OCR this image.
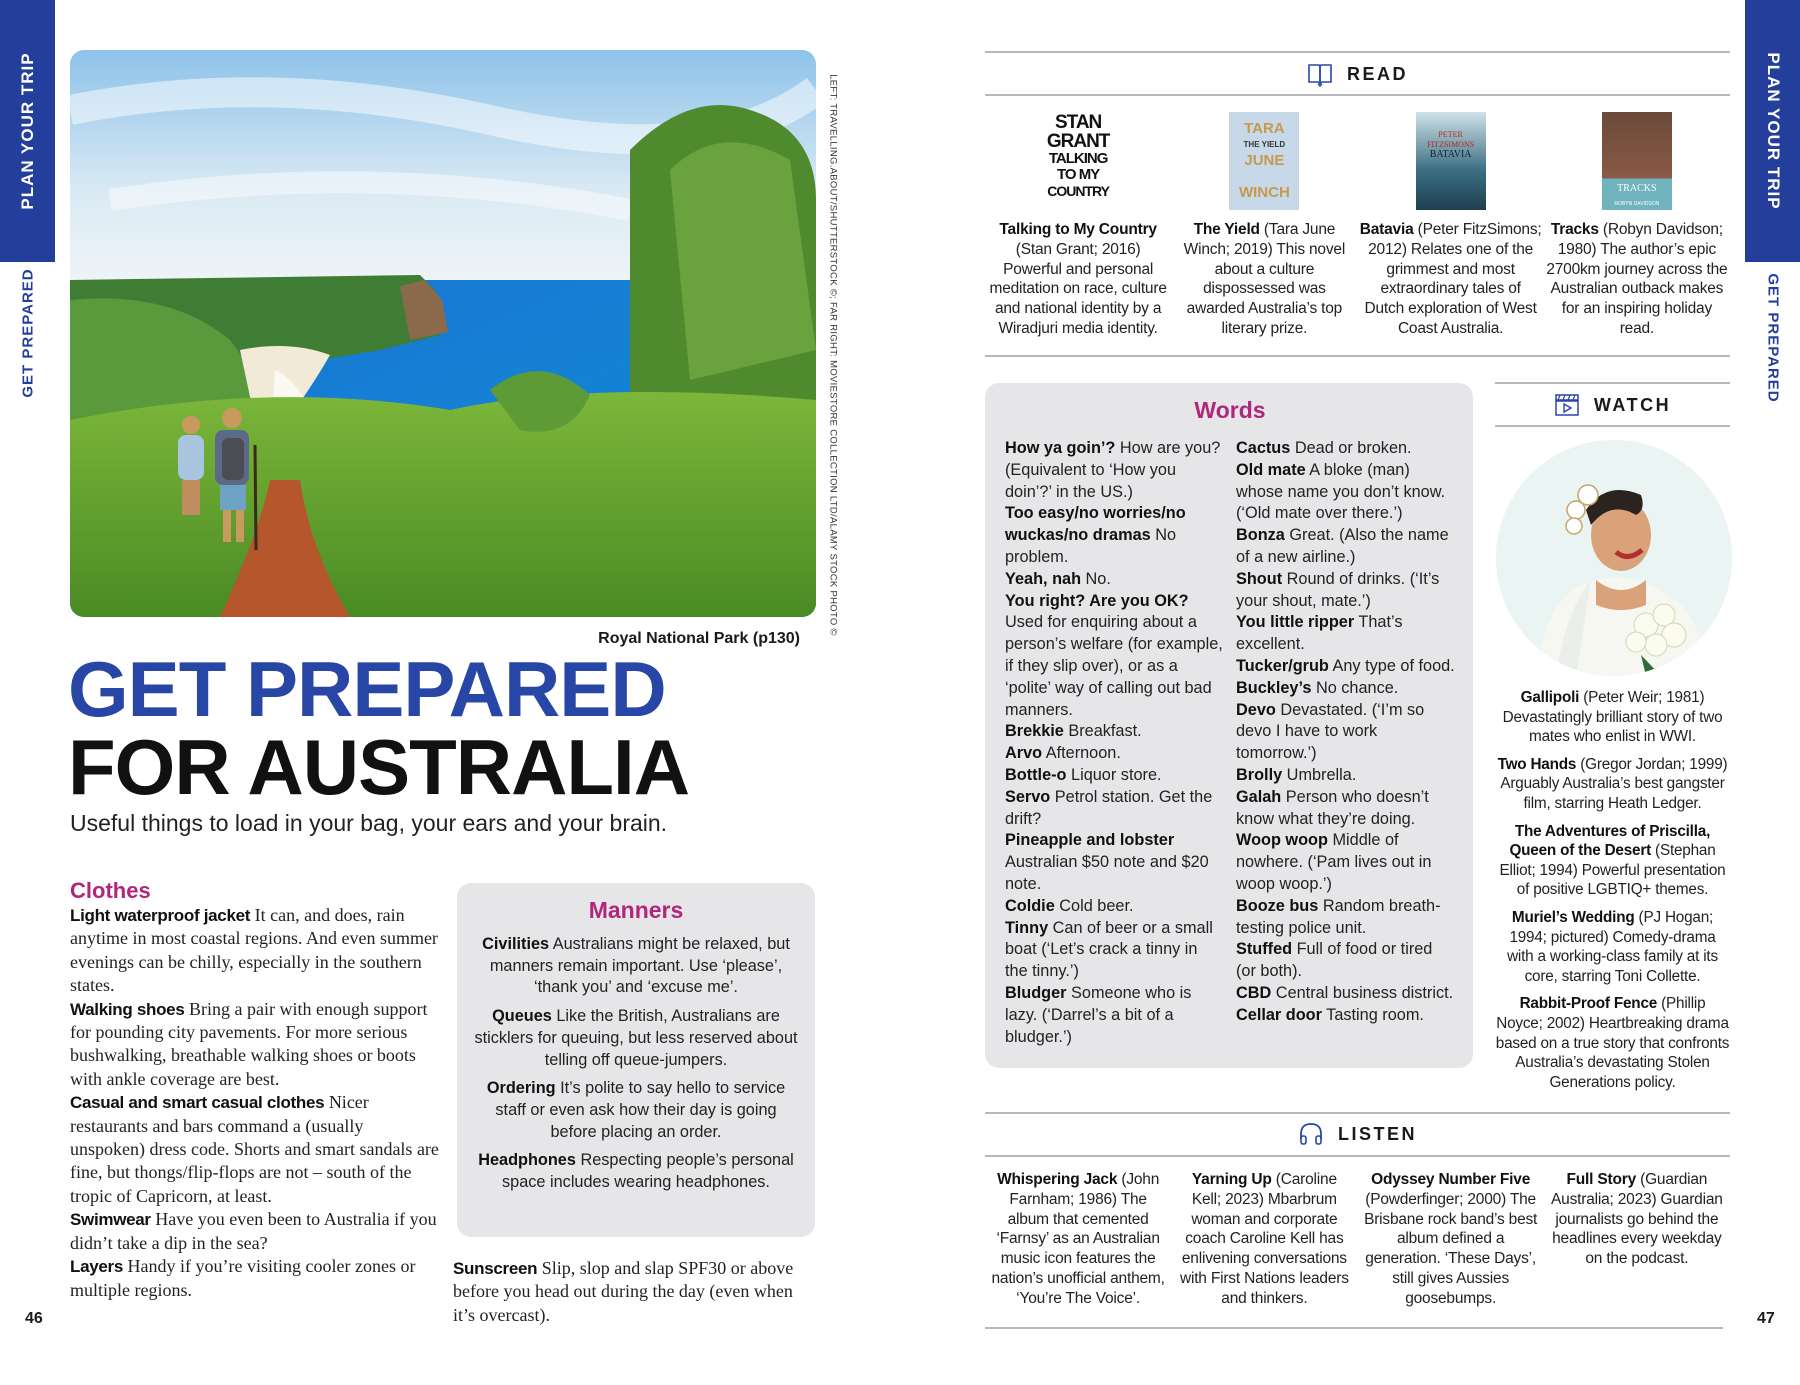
PLAN YOUR TRIP
GET PREPARED
PLAN YOUR TRIP
GET PREPARED
LEFT: TRAVELLING.ABOUT/SHUTTERSTOCK ©; FAR RIGHT: MOVIESTORE COLLECTION LTD/ALAMY STOCK PHOTO ©
Royal National Park (p130)
GET PREPARED
FOR AUSTRALIA
Useful things to load in your bag, your ears and your brain.
Clothes

Light waterproof jacket It can, and does, rain anytime in most coastal regions. And even summer evenings can be chilly, especially in the southern states.

Walking shoes Bring a pair with enough support for pounding city pavements. For more serious bushwalking, breathable walking shoes or boots with ankle coverage are best.

Casual and smart casual clothes Nicer restaurants and bars command a (usually unspoken) dress code. Shorts and smart sandals are fine, but thongs/flip-flops are not – south of the tropic of Capricorn, at least.

Swimwear Have you even been to Australia if you didn’t take a dip in the sea?

Layers Handy if you’re visiting cooler zones or multiple regions.

Manners

Civilities Australians might be relaxed, but manners remain important. Use ‘please’, ‘thank you’ and ‘excuse me’.

Queues Like the British, Australians are sticklers for queuing, but less reserved about telling off queue-jumpers.

Ordering It’s polite to say hello to service staff or even ask how their day is going before placing an order.

Headphones Respecting people’s personal space includes wearing headphones.

Sunscreen Slip, slop and slap SPF30 or above before you head out during the day (even when it’s overcast).

46
READ
STAN
GRANT
TALKING
TO MY
COUNTRY

Talking to My Country (Stan Grant; 2016) Powerful and personal meditation on race, culture and national identity by a Wiradjuri media identity.

TARA
THE YIELD
JUNE
WINCH

The Yield (Tara June Winch; 2019) This novel about a culture dispossessed was awarded Australia’s top literary prize.

PETER
FITZSIMONS
BATAVIA

Batavia (Peter FitzSimons; 2012) Relates one of the grimmest and most extraordinary tales of Dutch exploration of West Coast Australia.

TRACKS
ROBYN DAVIDSON

Tracks (Robyn Davidson; 1980) The author’s epic 2700km journey across the Australian outback makes for an inspiring holiday read.

Words
How ya goin’? How are you? (Equivalent to ‘How you doin’?’ in the US.)
Too easy/no worries/no wuckas/no dramas No problem.
Yeah, nah No.
You right? Are you OK? Used for enquiring about a person’s welfare (for example, if they slip over), or as a ‘polite’ way of calling out bad manners.
Brekkie Breakfast.
Arvo Afternoon.
Bottle-o Liquor store.
Servo Petrol station. Get the drift?
Pineapple and lobster Australian $50 note and $20 note.
Coldie Cold beer.
Tinny Can of beer or a small boat (‘Let’s crack a tinny in the tinny.’)
Bludger Someone who is lazy. (‘Darrel’s a bit of a bludger.’)
Cactus Dead or broken.
Old mate A bloke (man) whose name you don’t know. (‘Old mate over there.’)
Bonza Great. (Also the name of a new airline.)
Shout Round of drinks. (‘It’s your shout, mate.’)
You little ripper That’s excellent.
Tucker/grub Any type of food.
Buckley’s No chance.
Devo Devastated. (‘I’m so devo I have to work tomorrow.’)
Brolly Umbrella.
Galah Person who doesn’t know what they’re doing.
Woop woop Middle of nowhere. (‘Pam lives out in woop woop.’)
Booze bus Random breath-testing police unit.
Stuffed Full of food or tired (or both).
CBD Central business district.
Cellar door Tasting room.
WATCH
Gallipoli (Peter Weir; 1981) Devastatingly brilliant story of two mates who enlist in WWI.
Two Hands (Gregor Jordan; 1999) Arguably Australia’s best gangster film, starring Heath Ledger.
The Adventures of Priscilla, Queen of the Desert (Stephan Elliot; 1994) Powerful presentation of positive LGBTIQ+ themes.
Muriel’s Wedding (PJ Hogan; 1994; pictured) Comedy-drama with a working-class family at its core, starring Toni Collette.
Rabbit-Proof Fence (Phillip Noyce; 2002) Heartbreaking drama based on a true story that confronts Australia’s devastating Stolen Generations policy.
LISTEN
Whispering Jack (John Farnham; 1986) The album that cemented ‘Farnsy’ as an Australian music icon features the nation’s unofficial anthem, ‘You’re The Voice’.
Yarning Up (Caroline Kell; 2023) Mbarbrum woman and corporate coach Caroline Kell has enlivening conversations with First Nations leaders and thinkers.
Odyssey Number Five (Powderfinger; 2000) The Brisbane rock band’s best album defined a generation. ‘These Days’, still gives Aussies goosebumps.
Full Story (Guardian Australia; 2023) Guardian journalists go behind the headlines every weekday on the podcast.
47
